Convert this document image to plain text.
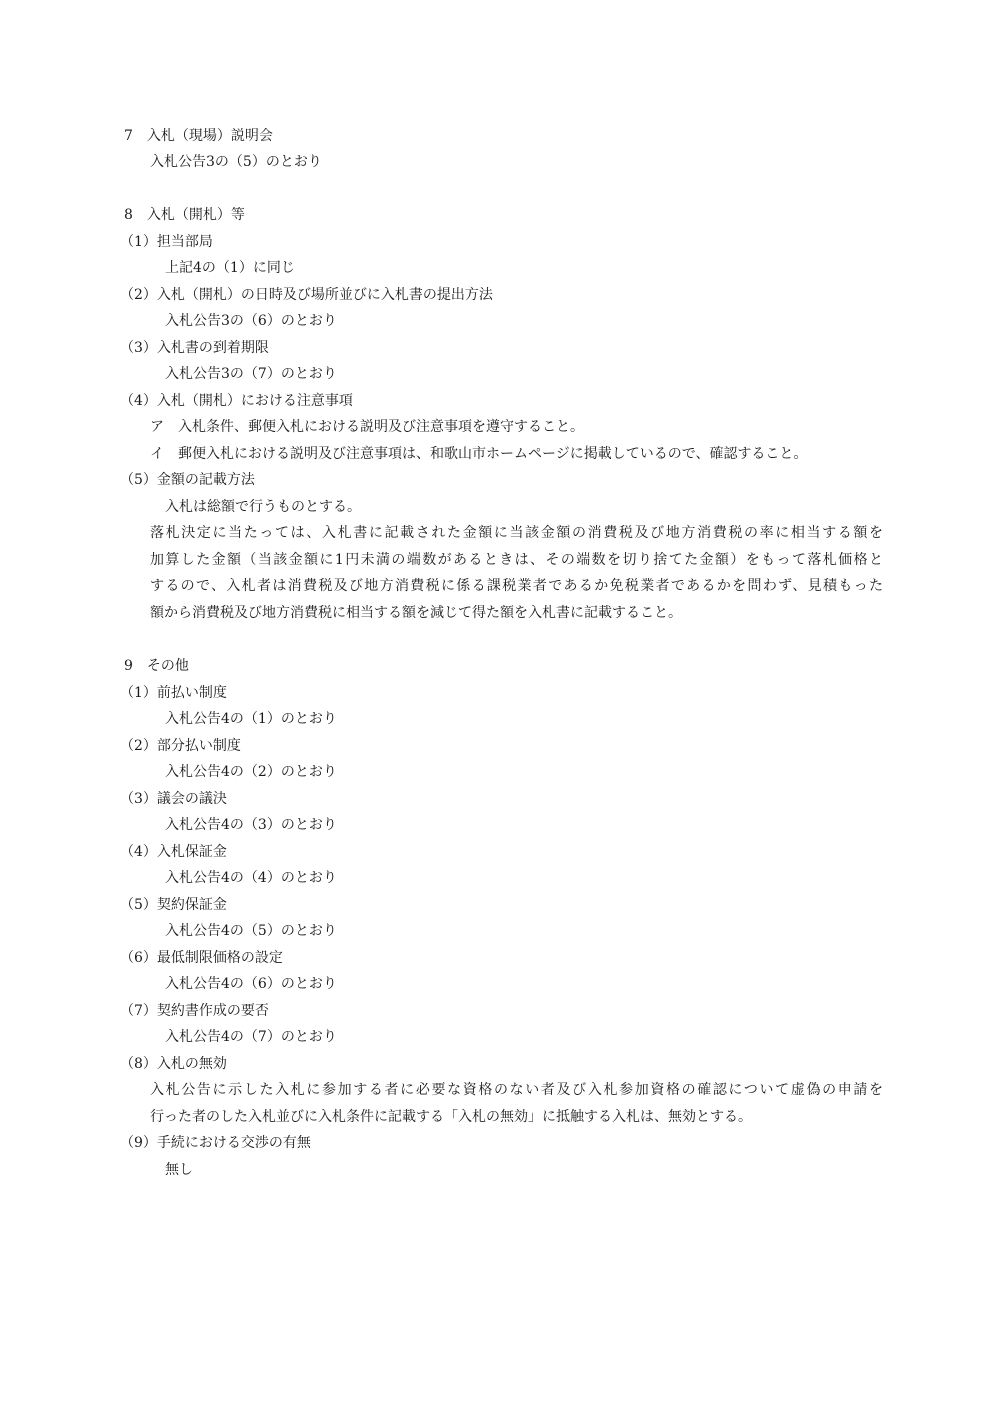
7　入札（現場）説明会
入札公告3の（5）のとおり
8　入札（開札）等
（1）担当部局
上記4の（1）に同じ
（2）入札（開札）の日時及び場所並びに入札書の提出方法
入札公告3の（6）のとおり
（3）入札書の到着期限
入札公告3の（7）のとおり
（4）入札（開札）における注意事項
ア　入札条件、郵便入札における説明及び注意事項を遵守すること。
イ　郵便入札における説明及び注意事項は、和歌山市ホームページに掲載しているので、確認すること。
（5）金額の記載方法
入札は総額で行うものとする。
落札決定に当たっては、入札書に記載された金額に当該金額の消費税及び地方消費税の率に相当する額を
加算した金額（当該金額に1円未満の端数があるときは、その端数を切り捨てた金額）をもって落札価格と
するので、入札者は消費税及び地方消費税に係る課税業者であるか免税業者であるかを問わず、見積もった
額から消費税及び地方消費税に相当する額を減じて得た額を入札書に記載すること。
9　その他
（1）前払い制度
入札公告4の（1）のとおり
（2）部分払い制度
入札公告4の（2）のとおり
（3）議会の議決
入札公告4の（3）のとおり
（4）入札保証金
入札公告4の（4）のとおり
（5）契約保証金
入札公告4の（5）のとおり
（6）最低制限価格の設定
入札公告4の（6）のとおり
（7）契約書作成の要否
入札公告4の（7）のとおり
（8）入札の無効
入札公告に示した入札に参加する者に必要な資格のない者及び入札参加資格の確認について虚偽の申請を
行った者のした入札並びに入札条件に記載する「入札の無効」に抵触する入札は、無効とする。
（9）手続における交渉の有無
無し
